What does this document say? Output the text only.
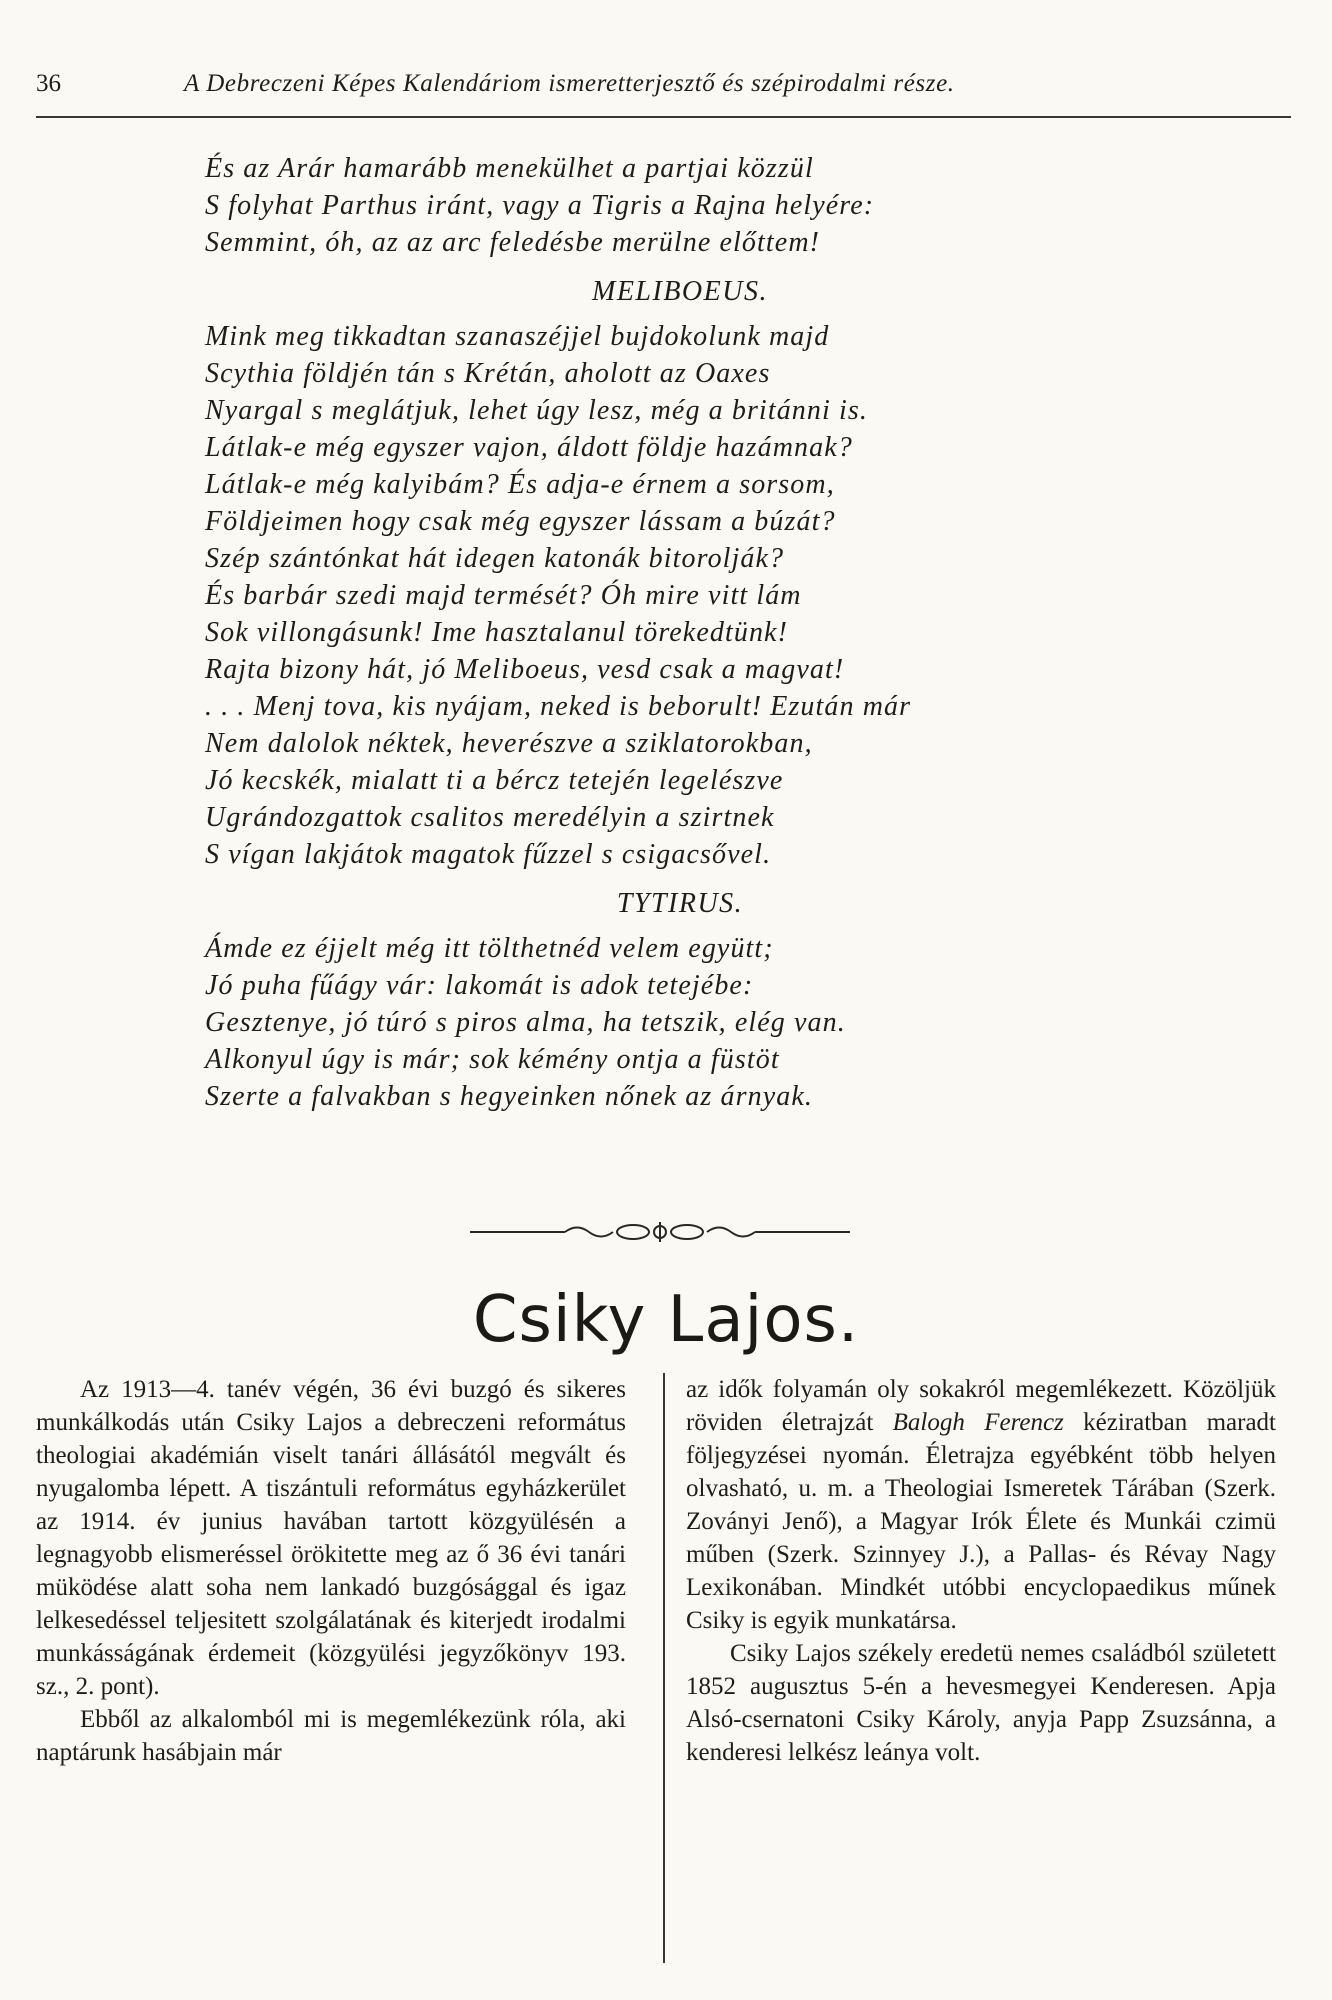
36	A Debreczeni Képes Kalendáriom ismeretterjesztő és szépirodalmi része.
És az Arár hamarább menekülhet a partjai közzül
S folyhat Parthus iránt, vagy a Tigris a Rajna helyére:
Semmint, óh, az az arc feledésbe merülne előttem!
MELIBOEUS.
Mink meg tikkadtan szanaszéjjel bujdokolunk majd
Scythia földjén tán s Krétán, aholott az Oaxes
Nyargal s meglátjuk, lehet úgy lesz, még a británni is.
Látlak-e még egyszer vajon, áldott földje hazámnak?
Látlak-e még kalyibám? És adja-e érnem a sorsom,
Földjeimen hogy csak még egyszer lássam a búzát?
Szép szántónkat hát idegen katonák bitorolják?
És barbár szedi majd termését? Óh mire vitt lám
Sok villongásunk! Ime hasztalanul törekedtünk!
Rajta bizony hát, jó Meliboeus, vesd csak a magvat!
. . . Menj tova, kis nyájam, neked is beborult! Ezután már
Nem dalolok néktek, heverészve a sziklatorokban,
Jó kecskék, mialatt ti a bércz tetején legelészve
Ugrándozgattok csalitos meredélyin a szirtnek
S vígan lakjátok magatok fűzzel s csigacsővel.
TYTIRUS.
Ámde ez éjjelt még itt tölthetnéd velem együtt;
Jó puha fűágy vár: lakomát is adok tetejébe:
Gesztenye, jó túró s piros alma, ha tetszik, elég van.
Alkonyul úgy is már; sok kémény ontja a füstöt
Szerte a falvakban s hegyeinken nőnek az árnyak.
Csiky Lajos.

Az 1913—4. tanév végén, 36 évi buzgó és sikeres munkálkodás után Csiky Lajos a debreczeni református theologiai akadémián viselt tanári állásától megvált és nyugalomba lépett. A tiszántuli református egyházkerület az 1914. év junius havában tartott közgyülésén a legnagyobb elismeréssel örökitette meg az ő 36 évi tanári müködése alatt soha nem lankadó buzgósággal és igaz lelkesedéssel teljesitett szolgálatának és kiterjedt irodalmi munkásságának érdemeit (közgyülési jegyzőkönyv 193. sz., 2. pont).

Ebből az alkalomból mi is megemlékezünk róla, aki naptárunk hasábjain már

az idők folyamán oly sokakról megemlékezett. Közöljük röviden életrajzát Balogh Ferencz kéziratban maradt följegyzései nyomán. Életrajza egyébként több helyen olvasható, u. m. a Theologiai Ismeretek Tárában (Szerk. Zoványi Jenő), a Magyar Irók Élete és Munkái czimü műben (Szerk. Szinnyey J.), a Pallas- és Révay Nagy Lexikonában. Mindkét utóbbi encyclopaedikus műnek Csiky is egyik munkatársa.

Csiky Lajos székely eredetü nemes családból született 1852 augusztus 5-én a hevesmegyei Kenderesen. Apja Alsó-csernatoni Csiky Károly, anyja Papp Zsuzsánna, a kenderesi lelkész leánya volt.
